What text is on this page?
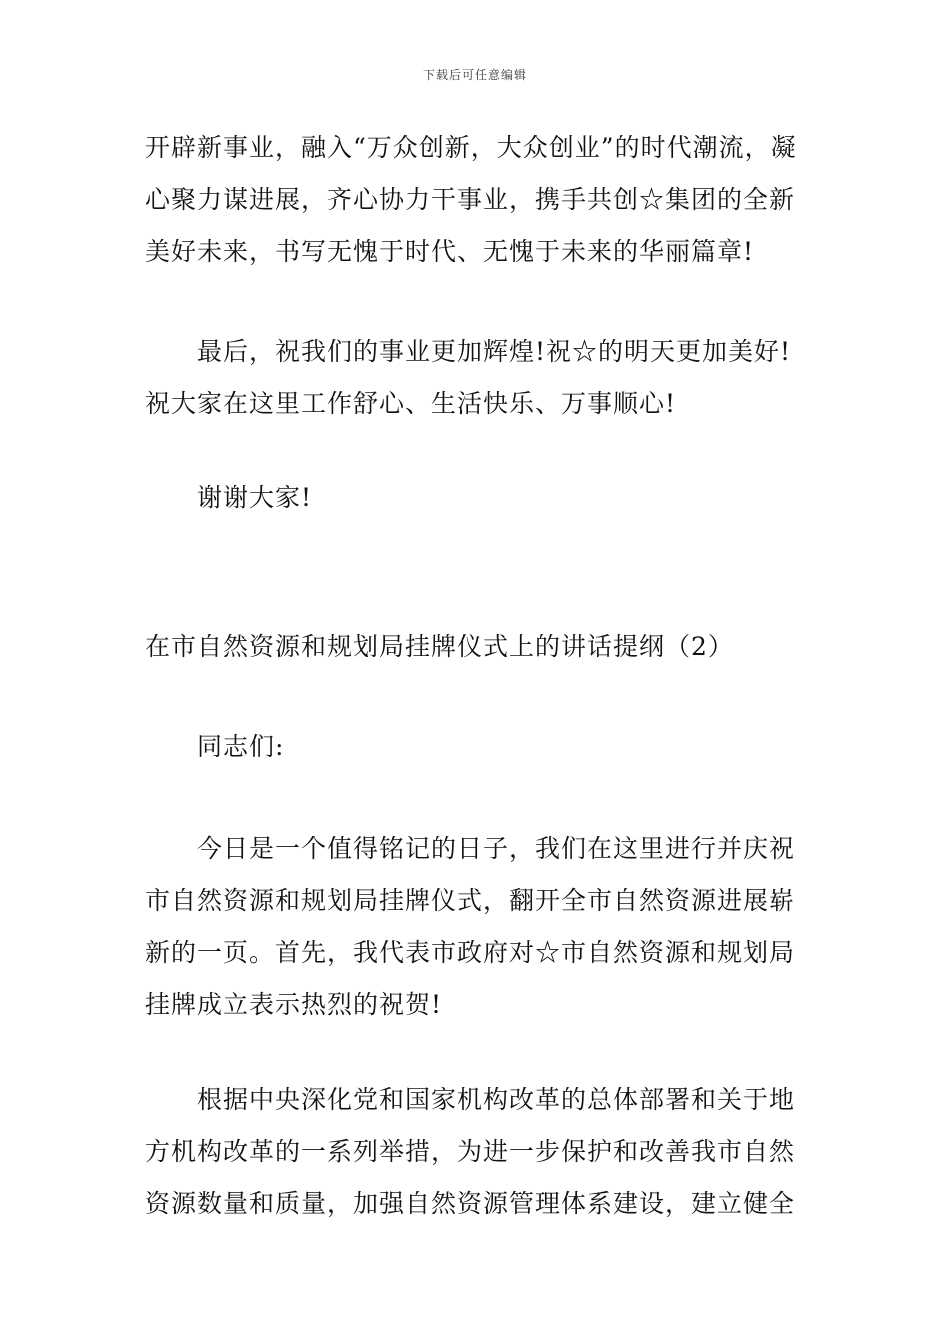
下载后可任意编辑

开辟新事业，融入“万众创新，大众创业”的时代潮流，凝心聚力谋进展，齐心协力干事业，携手共创☆集团的全新美好未来，书写无愧于时代、无愧于未来的华丽篇章!

最后，祝我们的事业更加辉煌!祝☆的明天更加美好!祝大家在这里工作舒心、生活快乐、万事顺心!

谢谢大家!

在市自然资源和规划局挂牌仪式上的讲话提纲（2）

同志们:

今日是一个值得铭记的日子，我们在这里进行并庆祝市自然资源和规划局挂牌仪式，翻开全市自然资源进展崭新的一页。首先，我代表市政府对☆市自然资源和规划局挂牌成立表示热烈的祝贺!

根据中央深化党和国家机构改革的总体部署和关于地方机构改革的一系列举措，为进一步保护和改善我市自然资源数量和质量，加强自然资源管理体系建设，建立健全
